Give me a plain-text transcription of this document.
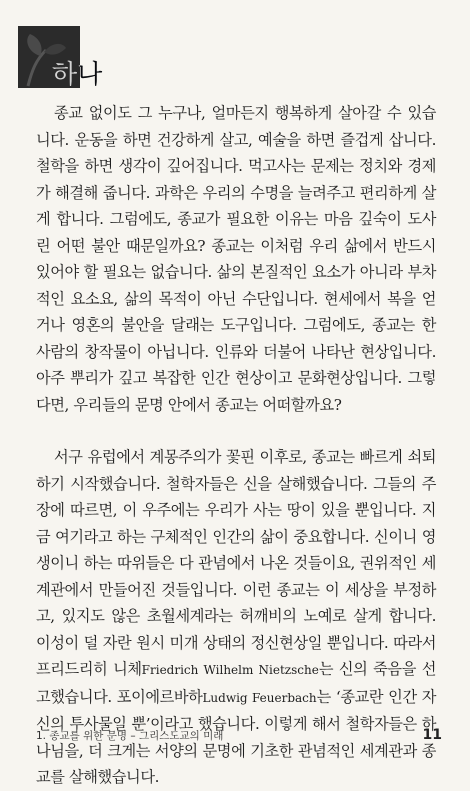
하나

종교 없이도 그 누구나, 얼마든지 행복하게 살아갈 수 있습니다. 운동을 하면 건강하게 살고, 예술을 하면 즐겁게 삽니다. 철학을 하면 생각이 깊어집니다. 먹고사는 문제는 정치와 경제가 해결해 줍니다. 과학은 우리의 수명을 늘려주고 편리하게 살게 합니다. 그럼에도, 종교가 필요한 이유는 마음 깊숙이 도사린 어떤 불안 때문일까요? 종교는 이처럼 우리 삶에서 반드시 있어야 할 필요는 없습니다. 삶의 본질적인 요소가 아니라 부차적인 요소요, 삶의 목적이 아닌 수단입니다. 현세에서 복을 얻거나 영혼의 불안을 달래는 도구입니다. 그럼에도, 종교는 한 사람의 창작물이 아닙니다. 인류와 더불어 나타난 현상입니다. 아주 뿌리가 깊고 복잡한 인간 현상이고 문화현상입니다. 그렇다면, 우리들의 문명 안에서 종교는 어떠할까요?

서구 유럽에서 계몽주의가 꽃핀 이후로, 종교는 빠르게 쇠퇴하기 시작했습니다. 철학자들은 신을 살해했습니다. 그들의 주장에 따르면, 이 우주에는 우리가 사는 땅이 있을 뿐입니다. 지금 여기라고 하는 구체적인 인간의 삶이 중요합니다. 신이니 영생이니 하는 따위들은 다 관념에서 나온 것들이요, 권위적인 세계관에서 만들어진 것들입니다. 이런 종교는 이 세상을 부정하고, 있지도 않은 초월세계라는 허깨비의 노예로 살게 합니다. 이성이 덜 자란 원시 미개 상태의 정신현상일 뿐입니다. 따라서 프리드리히 니체Friedrich Wilhelm Nietzsche는 신의 죽음을 선고했습니다. 포이에르바하Ludwig Feuerbach는 ‘종교란 인간 자신의 투사물일 뿐’이라고 했습니다. 이렇게 해서 철학자들은 하나님을, 더 크게는 서양의 문명에 기초한 관념적인 세계관과 종교를 살해했습니다.

1. 종교를 위한 문명 – 그리스도교의 미래	11
